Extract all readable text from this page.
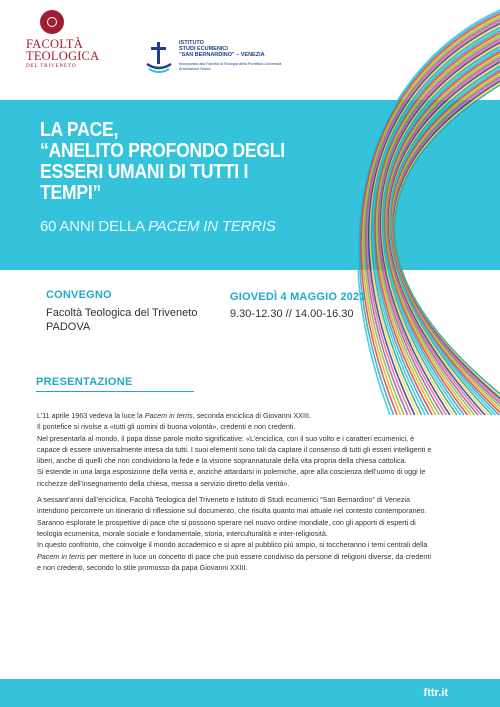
FACOLTÀ
TEOLOGICA
DEL TRIVENETO
ISTITUTO
STUDI ECUMENICI
"SAN BERNARDINO" – VENEZIA
Incorporato alla Facoltà di Teologia della Pontificia Università Antonianum Roma
LA PACE,
“ANELITO PROFONDO DEGLI
ESSERI UMANI DI TUTTI I TEMPI”
60 ANNI DELLA PACEM IN TERRIS
CONVEGNO
Facoltà Teologica del Triveneto
PADOVA
GIOVEDÌ 4 MAGGIO 2023
9.30-12.30 // 14.00-16.30
PRESENTAZIONE

L’11 aprile 1963 vedeva la luce la Pacem in terris, seconda enciclica di Giovanni XXIII.

Il pontefice si rivolse a «tutti gli uomini di buona volontà», credenti e non credenti.

Nel presentarla al mondo, il papa disse parole molto significative: «L’enciclica, con il suo volto e i caratteri ecumenici, è capace di essere universalmente intesa da tutti. I suoi elementi sono tali da captare il consenso di tutti gli esseri intelligenti e liberi, anche di quelli che non condividono la fede e la visione soprannaturale della vita propria della chiesa cattolica.

Si estende in una larga esposizione della verità e, anziché attardarsi in polemiche, apre alla coscienza dell’uomo di oggi le ricchezze dell’insegnamento della chiesa, messa a servizio diretto della verità».

A sessant’anni dall’enciclica, Facoltà Teologica del Triveneto e Istituto di Studi ecumenici “San Bernardino” di Venezia intendono percorrere un itinerario di riflessione sul documento, che risulta quanto mai attuale nel contesto contemporaneo.

Saranno esplorate le prospettive di pace che si possono sperare nel nuovo ordine mondiale, con gli apporti di esperti di teologia ecumenica, morale sociale e fondamentale, storia, interculturalità e inter-religiosità.

In questo confronto, che coinvolge il mondo accademico e si apre al pubblico più ampio, si toccheranno i temi centrali della Pacem in terris per mettere in luce un concetto di pace che può essere condiviso da persone di religioni diverse, da credenti e non credenti, secondo lo stile promosso da papa Giovanni XXIII.

fttr.it
